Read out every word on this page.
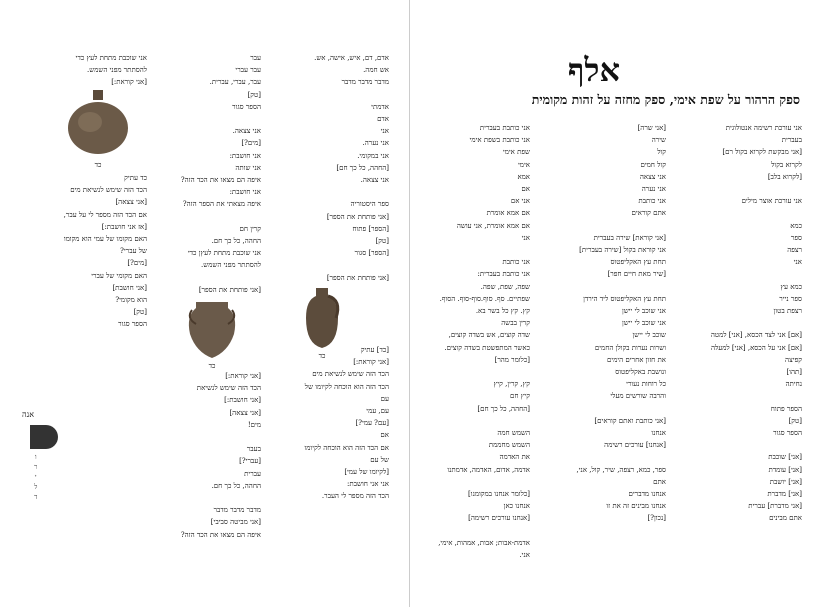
אדם, דם, איש, אישה, אש.
אש חמה.
מדבר מדבר מדבר
אדמתי
אדם
אני
אני נערה.
אני במקומי.
[החהה, כל כך חם]
אני צצאה.
ספר היסטוריה
[אני פותחת את הספר]
[הספר] פתוח
[טק]
[הספר] סגור
[אני פותחת את הספר]
[כד] עתיק
[אני קוראת:]
הכד הזה שימש לנשיאת מים
הכד הזה הוא הוכחה לקיומו של
עם
עם, עמי
[עם? עמי?]
אם
אם הכד הזה הוא הוכחה לקיומו
של עם
[לקיומו של עמי]
אני אני חושבת:
הכד הזה מספר לי העבר.
עבר
עבר עברי
עבר, עברי, עברית.
[טק]
הספר סגור
אני צצאה.
[מים?]
אני חושבת:
אני שותה
איפה הם מצאו את הכד הזה?
אני חושבת:
איפה מצאתי את הספר הזה?
קרין חם
החהה, כל כך חם.
אני שוכבת מתחת לעץן כדי
להסתתר מפני השמש.
[אני פותחת את הספר]
[אני קוראת:]
הכד הזה שימש לנשיאת
[אני חושבת:]
[אני צצאה]
מים!
בעבר
[עברי?]
עברית
החהה, כל כך חם.
מדבר מדבר מדבר
[אני מביטה סביבי]
איפה הם מצאו את הכד הזה?
אני שוכבת מתחת לעץ כדי
להסתתר מפני השמש.
[אני קוראת:]
כד עתיק
הכד הזה שימש לנשיאת מים
[אני צצאה]
אם הכד הזה מספר לי על עבר,
[אז אני חושבת:]
האם מקומו של עמי הוא מקומו
של עברי?
[מים?]
האם מקומי של עברי
[אני חושבת]
הוא מקומי?
[טק]
הספר סגור
כד
כד
כד
אנה
ו
ר
י
ל
ד
אלף
ספק הרהור על שפת אימי, ספק מחזה על זהות מקומית
אני עורכת רשימה אנטולוגית
בעברית
[אני מבקשת לקרוא בקול רם]
לקרוא בקול
[לקרוא בלב]
אני עורכת אוצר מילים
כמא
ספר
רצפה
אני
כמא עץ
ספר נייר
רצפת בטון
[אם] אני לצד הכסא, [אני] למטה
[אם] אני על הכסא, [אני] למעלה
קפיצה
[תהו]
נחיתה
הספר פתוח
[טק]
הספר סגור
[אני] שוכבת
[אני] עומדת
[אני] יושבת
[אני] מדברת
[אני מדברת] עברית
אתם מבינים
[אני שרה]
שירה
קול
קול חמים
אני צצאה
אני נערה
אני כותבת
אתם קוראים
[אני קוראת] שירה בעברית
אני קוראת בקול [שירה בעברית]
תחת עץ האקליפטוס
[שיר מאת חיים חפר]
תחת עץ האקליפטוס ליד הירדן
אני שוכב לי יישן
אני שוכב לי יישן
שוכב לי יישן
ושרות נערות בקולן החמים
את חזון אחרים הימים
ונושבת באקליפטוס
כל רוחות נעורי
והרבה שורשים מעלי
[אני כותבת ואתם קוראים]
אנחנו
[אנחנו] עורכים רשימה
ספר, כמא, רצפה, שיר, קול, אני,
אתם
אנחנו מדברים
אנחנו מבינים זה את זו
[נכון?]
אני כותבת בעברית
אני כותבת בשפת אימי
שפת אימי
אימי
אמא
אם
אני אם
אם אמא אומרת
אם אמא אומרת, אני עושה
אני
אני כותבת
אני כותבת בעברית:
שפה, שפת, שפה.
שפתיים. סף. סוף.סוף-סוף. הסוף.
קץ. קץ כל בשר בא.
קרין בבשה
שדה קוצים, אש בשדה קוצים,
כאשר המתפשטת בשדה קוצים.
[כלומר מהר]
קץ, קרין, קיץ
קיץ חם
[החהה, כל כך חם]
השמש חמה
השמש מחממת
את האדמה
אדמה, אדום, האדמה, אדמתנו
[כלומר אנחנו במקומנו]
אנחנו כאן
[אנחנו עורכים רשימה]
אדמת-אבות; אבות, אמהות, אימי,
אני.
